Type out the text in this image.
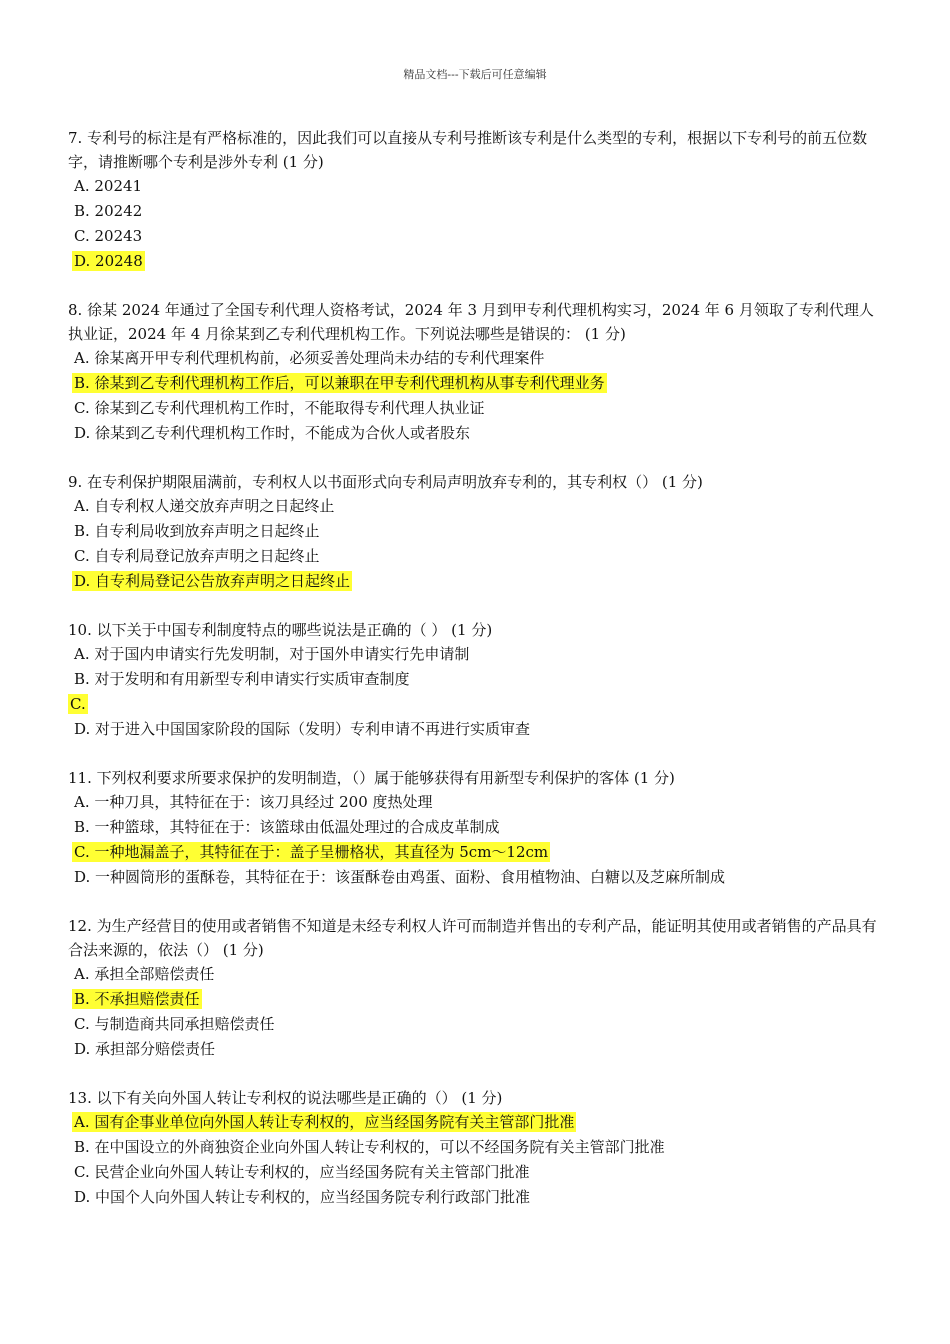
精品文档---下载后可任意编辑

7. 专利号的标注是有严格标准的，因此我们可以直接从专利号推断该专利是什么类型的专利，根据以下专利号的前五位数字，请推断哪个专利是涉外专利 (1 分)

A. 20241

B. 20242

C. 20243

D. 20248

8. 徐某 2024 年通过了全国专利代理人资格考试，2024 年 3 月到甲专利代理机构实习，2024 年 6 月领取了专利代理人执业证，2024 年 4 月徐某到乙专利代理机构工作。下列说法哪些是错误的： (1 分)

A. 徐某离开甲专利代理机构前，必须妥善处理尚未办结的专利代理案件

B. 徐某到乙专利代理机构工作后，可以兼职在甲专利代理机构从事专利代理业务

C. 徐某到乙专利代理机构工作时，不能取得专利代理人执业证

D. 徐某到乙专利代理机构工作时，不能成为合伙人或者股东

9. 在专利保护期限届满前，专利权人以书面形式向专利局声明放弃专利的，其专利权（） (1 分)

A. 自专利权人递交放弃声明之日起终止

B. 自专利局收到放弃声明之日起终止

C. 自专利局登记放弃声明之日起终止

D. 自专利局登记公告放弃声明之日起终止

10. 以下关于中国专利制度特点的哪些说法是正确的（ ） (1 分)

A. 对于国内申请实行先发明制，对于国外申请实行先申请制

B. 对于发明和有用新型专利申请实行实质审查制度

C.

D. 对于进入中国国家阶段的国际（发明）专利申请不再进行实质审查

11. 下列权利要求所要求保护的发明制造，（）属于能够获得有用新型专利保护的客体 (1 分)

A. 一种刀具，其特征在于：该刀具经过 200 度热处理

B. 一种篮球，其特征在于：该篮球由低温处理过的合成皮革制成

C. 一种地漏盖子，其特征在于：盖子呈栅格状，其直径为 5cm～12cm

D. 一种圆筒形的蛋酥卷，其特征在于：该蛋酥卷由鸡蛋、面粉、食用植物油、白糖以及芝麻所制成

12. 为生产经营目的使用或者销售不知道是未经专利权人许可而制造并售出的专利产品，能证明其使用或者销售的产品具有合法来源的，依法（） (1 分)

A. 承担全部赔偿责任

B. 不承担赔偿责任

C. 与制造商共同承担赔偿责任

D. 承担部分赔偿责任

13. 以下有关向外国人转让专利权的说法哪些是正确的（） (1 分)

A. 国有企事业单位向外国人转让专利权的，应当经国务院有关主管部门批准

B. 在中国设立的外商独资企业向外国人转让专利权的，可以不经国务院有关主管部门批准

C. 民营企业向外国人转让专利权的，应当经国务院有关主管部门批准

D. 中国个人向外国人转让专利权的，应当经国务院专利行政部门批准
